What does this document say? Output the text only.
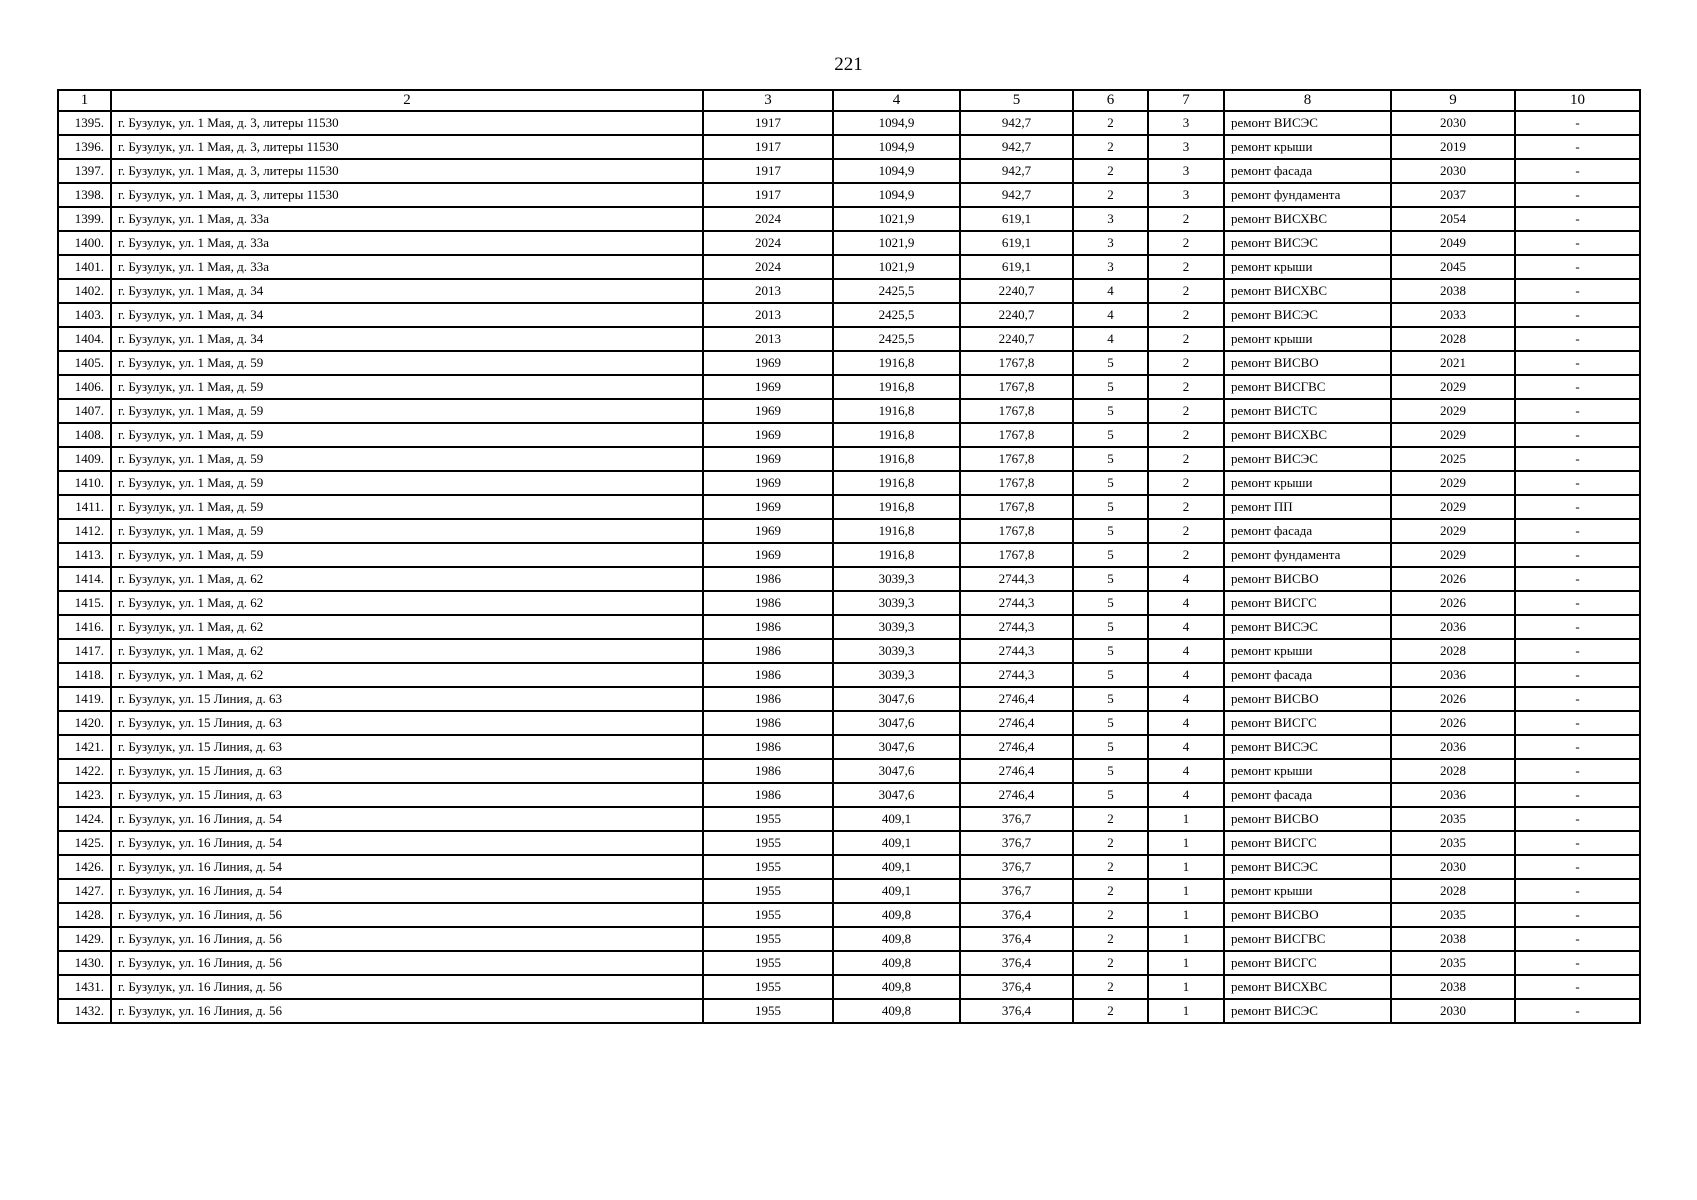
221
1	2	3	4	5	6	7	8	9	10
1395.	г. Бузулук, ул. 1 Мая, д. 3, литеры 11530	1917	1094,9	942,7	2	3	ремонт ВИСЭС	2030	-
1396.	г. Бузулук, ул. 1 Мая, д. 3, литеры 11530	1917	1094,9	942,7	2	3	ремонт крыши	2019	-
1397.	г. Бузулук, ул. 1 Мая, д. 3, литеры 11530	1917	1094,9	942,7	2	3	ремонт фасада	2030	-
1398.	г. Бузулук, ул. 1 Мая, д. 3, литеры 11530	1917	1094,9	942,7	2	3	ремонт фундамента	2037	-
1399.	г. Бузулук, ул. 1 Мая, д. 33а	2024	1021,9	619,1	3	2	ремонт ВИСХВС	2054	-
1400.	г. Бузулук, ул. 1 Мая, д. 33а	2024	1021,9	619,1	3	2	ремонт ВИСЭС	2049	-
1401.	г. Бузулук, ул. 1 Мая, д. 33а	2024	1021,9	619,1	3	2	ремонт крыши	2045	-
1402.	г. Бузулук, ул. 1 Мая, д. 34	2013	2425,5	2240,7	4	2	ремонт ВИСХВС	2038	-
1403.	г. Бузулук, ул. 1 Мая, д. 34	2013	2425,5	2240,7	4	2	ремонт ВИСЭС	2033	-
1404.	г. Бузулук, ул. 1 Мая, д. 34	2013	2425,5	2240,7	4	2	ремонт крыши	2028	-
1405.	г. Бузулук, ул. 1 Мая, д. 59	1969	1916,8	1767,8	5	2	ремонт ВИСВО	2021	-
1406.	г. Бузулук, ул. 1 Мая, д. 59	1969	1916,8	1767,8	5	2	ремонт ВИСГВС	2029	-
1407.	г. Бузулук, ул. 1 Мая, д. 59	1969	1916,8	1767,8	5	2	ремонт ВИСТС	2029	-
1408.	г. Бузулук, ул. 1 Мая, д. 59	1969	1916,8	1767,8	5	2	ремонт ВИСХВС	2029	-
1409.	г. Бузулук, ул. 1 Мая, д. 59	1969	1916,8	1767,8	5	2	ремонт ВИСЭС	2025	-
1410.	г. Бузулук, ул. 1 Мая, д. 59	1969	1916,8	1767,8	5	2	ремонт крыши	2029	-
1411.	г. Бузулук, ул. 1 Мая, д. 59	1969	1916,8	1767,8	5	2	ремонт ПП	2029	-
1412.	г. Бузулук, ул. 1 Мая, д. 59	1969	1916,8	1767,8	5	2	ремонт фасада	2029	-
1413.	г. Бузулук, ул. 1 Мая, д. 59	1969	1916,8	1767,8	5	2	ремонт фундамента	2029	-
1414.	г. Бузулук, ул. 1 Мая, д. 62	1986	3039,3	2744,3	5	4	ремонт ВИСВО	2026	-
1415.	г. Бузулук, ул. 1 Мая, д. 62	1986	3039,3	2744,3	5	4	ремонт ВИСГС	2026	-
1416.	г. Бузулук, ул. 1 Мая, д. 62	1986	3039,3	2744,3	5	4	ремонт ВИСЭС	2036	-
1417.	г. Бузулук, ул. 1 Мая, д. 62	1986	3039,3	2744,3	5	4	ремонт крыши	2028	-
1418.	г. Бузулук, ул. 1 Мая, д. 62	1986	3039,3	2744,3	5	4	ремонт фасада	2036	-
1419.	г. Бузулук, ул. 15 Линия, д. 63	1986	3047,6	2746,4	5	4	ремонт ВИСВО	2026	-
1420.	г. Бузулук, ул. 15 Линия, д. 63	1986	3047,6	2746,4	5	4	ремонт ВИСГС	2026	-
1421.	г. Бузулук, ул. 15 Линия, д. 63	1986	3047,6	2746,4	5	4	ремонт ВИСЭС	2036	-
1422.	г. Бузулук, ул. 15 Линия, д. 63	1986	3047,6	2746,4	5	4	ремонт крыши	2028	-
1423.	г. Бузулук, ул. 15 Линия, д. 63	1986	3047,6	2746,4	5	4	ремонт фасада	2036	-
1424.	г. Бузулук, ул. 16 Линия, д. 54	1955	409,1	376,7	2	1	ремонт ВИСВО	2035	-
1425.	г. Бузулук, ул. 16 Линия, д. 54	1955	409,1	376,7	2	1	ремонт ВИСГС	2035	-
1426.	г. Бузулук, ул. 16 Линия, д. 54	1955	409,1	376,7	2	1	ремонт ВИСЭС	2030	-
1427.	г. Бузулук, ул. 16 Линия, д. 54	1955	409,1	376,7	2	1	ремонт крыши	2028	-
1428.	г. Бузулук, ул. 16 Линия, д. 56	1955	409,8	376,4	2	1	ремонт ВИСВО	2035	-
1429.	г. Бузулук, ул. 16 Линия, д. 56	1955	409,8	376,4	2	1	ремонт ВИСГВС	2038	-
1430.	г. Бузулук, ул. 16 Линия, д. 56	1955	409,8	376,4	2	1	ремонт ВИСГС	2035	-
1431.	г. Бузулук, ул. 16 Линия, д. 56	1955	409,8	376,4	2	1	ремонт ВИСХВС	2038	-
1432.	г. Бузулук, ул. 16 Линия, д. 56	1955	409,8	376,4	2	1	ремонт ВИСЭС	2030	-
